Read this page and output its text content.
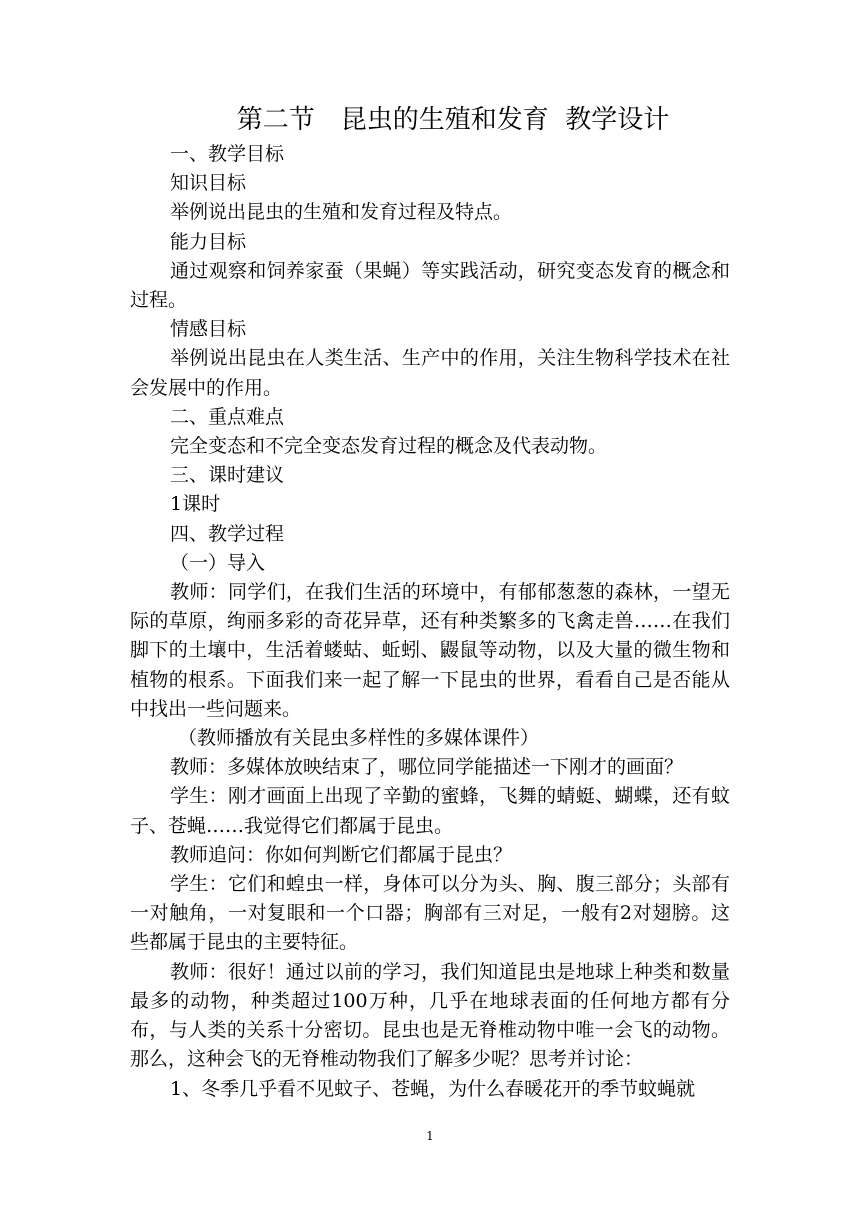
第二节　昆虫的生殖和发育  教学设计

一、教学目标

知识目标

举例说出昆虫的生殖和发育过程及特点。

能力目标

通过观察和饲养家蚕（果蝇）等实践活动，研究变态发育的概念和过程。

情感目标

举例说出昆虫在人类生活、生产中的作用，关注生物科学技术在社会发展中的作用。

二、重点难点

完全变态和不完全变态发育过程的概念及代表动物。

三、课时建议

1课时

四、教学过程

（一）导入

教师：同学们，在我们生活的环境中，有郁郁葱葱的森林，一望无际的草原，绚丽多彩的奇花异草，还有种类繁多的飞禽走兽……在我们脚下的土壤中，生活着蝼蛄、蚯蚓、鼹鼠等动物，以及大量的微生物和植物的根系。下面我们来一起了解一下昆虫的世界，看看自己是否能从中找出一些问题来。

（教师播放有关昆虫多样性的多媒体课件）

教师：多媒体放映结束了，哪位同学能描述一下刚才的画面？

学生：刚才画面上出现了辛勤的蜜蜂，飞舞的蜻蜓、蝴蝶，还有蚊子、苍蝇……我觉得它们都属于昆虫。

教师追问：你如何判断它们都属于昆虫？

学生：它们和蝗虫一样，身体可以分为头、胸、腹三部分；头部有一对触角，一对复眼和一个口器；胸部有三对足，一般有2对翅膀。这些都属于昆虫的主要特征。

教师：很好！通过以前的学习，我们知道昆虫是地球上种类和数量最多的动物，种类超过100万种，几乎在地球表面的任何地方都有分布，与人类的关系十分密切。昆虫也是无脊椎动物中唯一会飞的动物。那么，这种会飞的无脊椎动物我们了解多少呢？思考并讨论：

1、冬季几乎看不见蚊子、苍蝇，为什么春暖花开的季节蚊蝇就

1
